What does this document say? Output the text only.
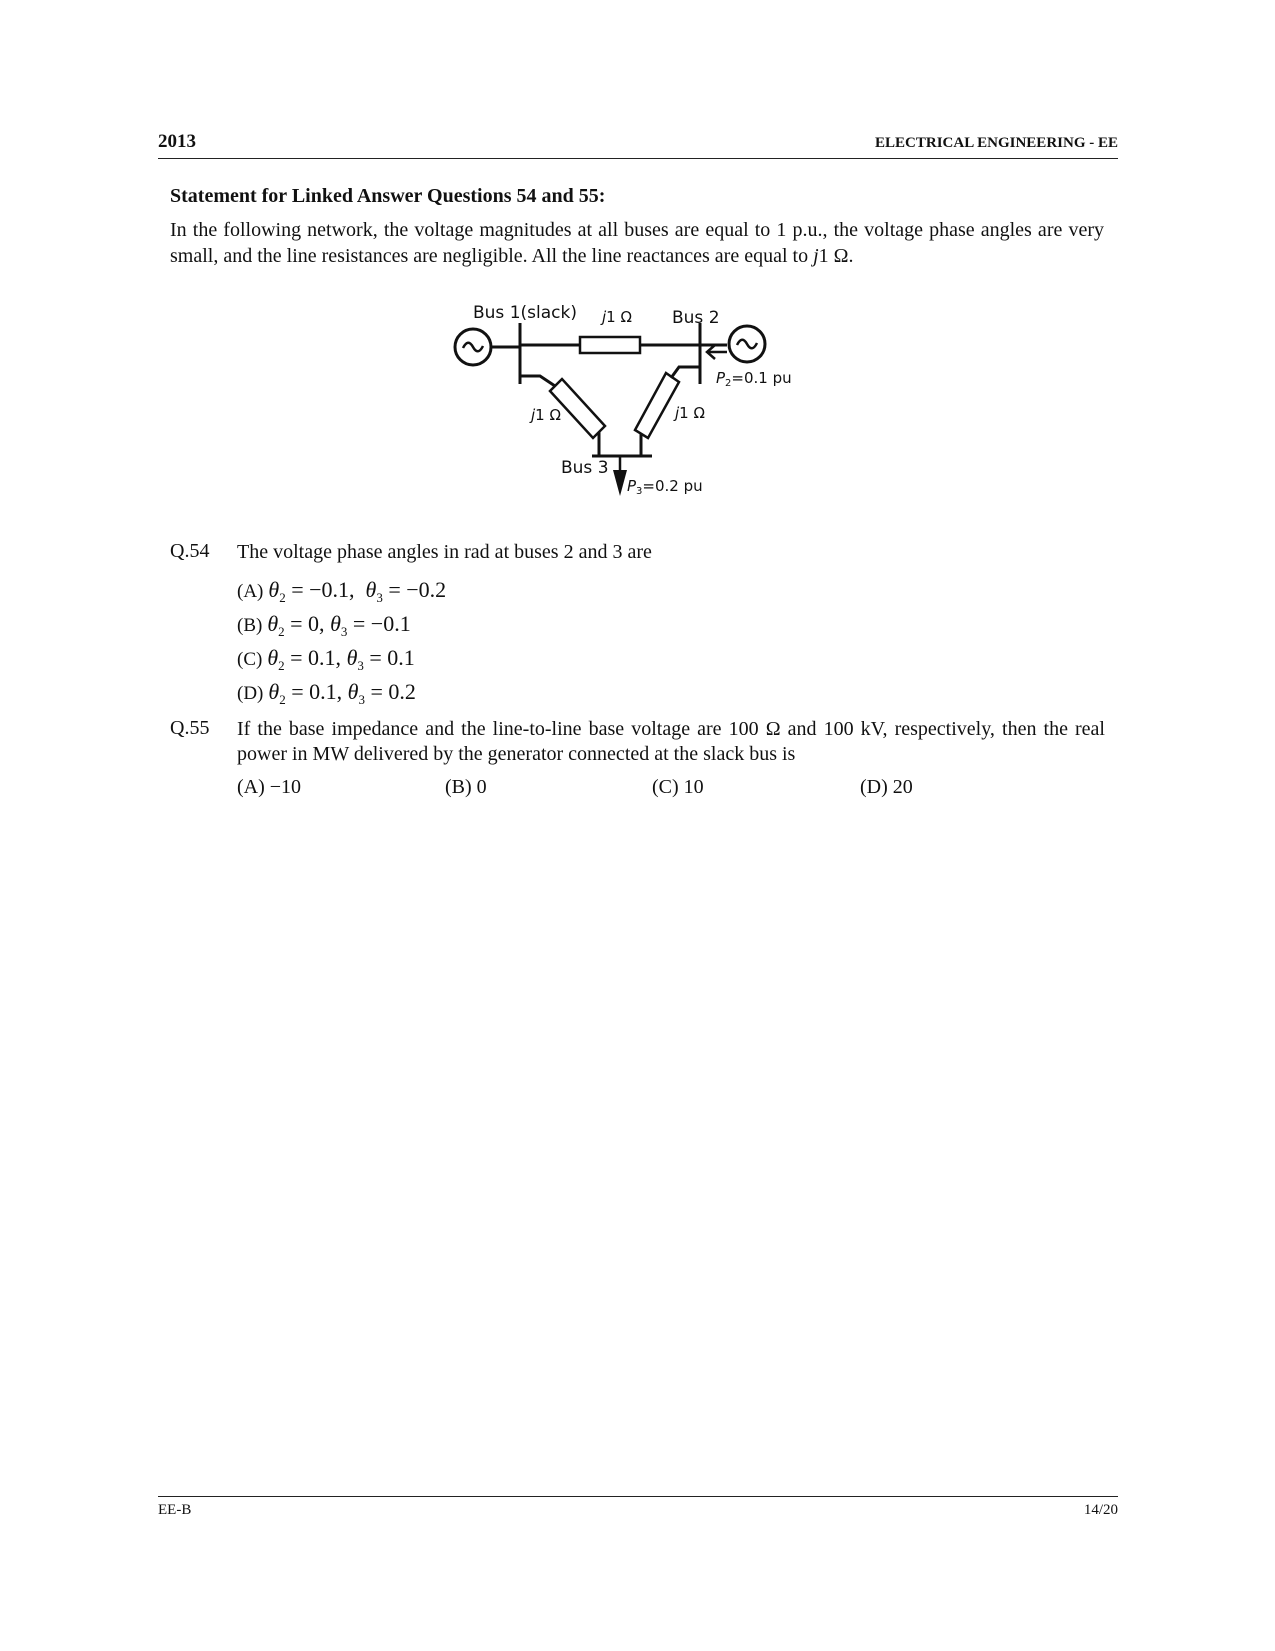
2013	ELECTRICAL ENGINEERING - EE
Statement for Linked Answer Questions 54 and 55:
In the following network, the voltage magnitudes at all buses are equal to 1 p.u., the voltage phase angles are very small, and the line resistances are negligible. All the line reactances are equal to j1 Ω.
Bus 1(slack)	Bus 2
Bus 3
j1 Ω
j1 Ω	j1 Ω
$P_2=0.1$ pu
$P_3=0.2$ pu
Q.54 The voltage phase angles in rad at buses 2 and 3 are
(A) $\theta_2 = -0.1$, $\theta_3 = -0.2$
(B) $\theta_2 = 0$, $\theta_3 = -0.1$
(C) $\theta_2 = 0.1$, $\theta_3 = 0.1$
(D) $\theta_2 = 0.1$, $\theta_3 = 0.2$
Q.55 If the base impedance and the line-to-line base voltage are 100 Ω and 100 kV, respectively, then the real power in MW delivered by the generator connected at the slack bus is
(A) −10	(B) 0	(C) 10	(D) 20
EE-B	14/20
